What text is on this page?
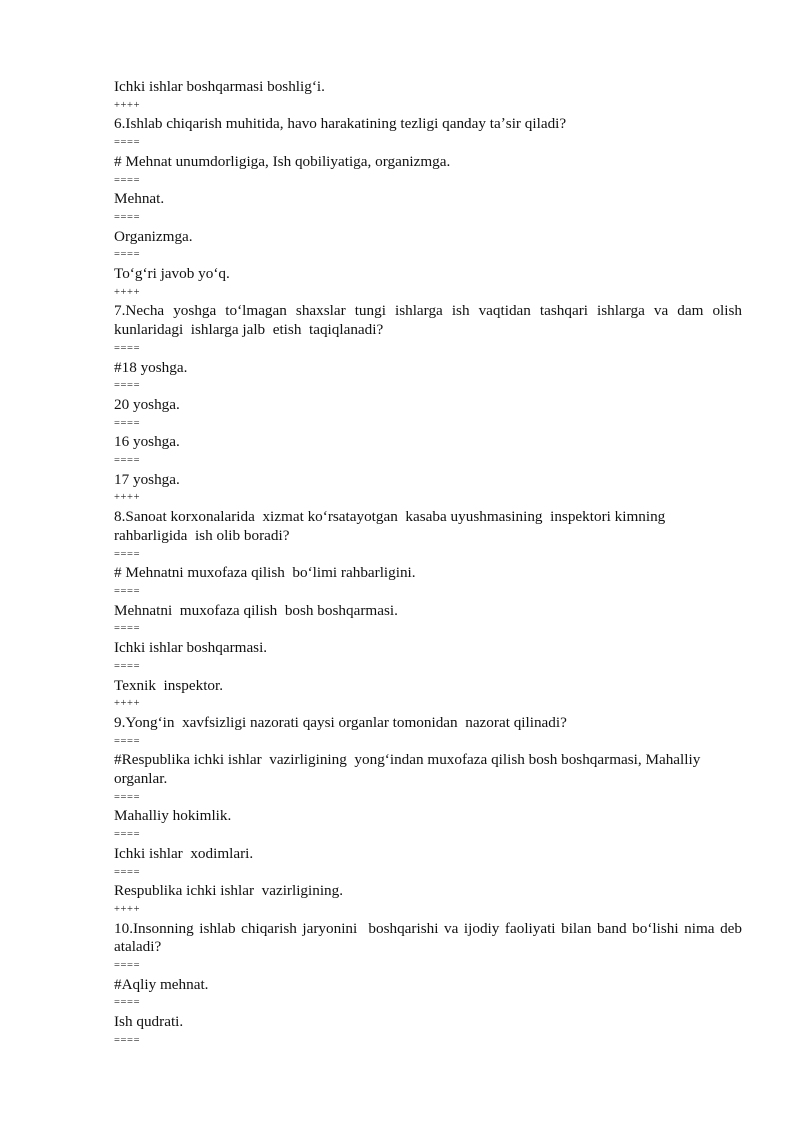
Ichki ishlar boshqarmasi boshligʻi.
++++
6.Ishlab chiqarish muhitida, havo harakatining tezligi qanday taʼsir qiladi?
====
# Mehnat unumdorligiga, Ish qobiliyatiga, organizmga.
====
Mehnat.
====
Organizmga.
====
Toʻgʻri javob yoʻq.
++++
7.Necha yoshga toʻlmagan shaxslar tungi ishlarga ish vaqtidan tashqari ishlarga va dam olish kunlaridagi  ishlarga jalb  etish  taqiqlanadi?
====
#18 yoshga.
====
20 yoshga.
====
16 yoshga.
====
17 yoshga.
++++
8.Sanoat korxonalarida  xizmat koʻrsatayotgan  kasaba uyushmasining  inspektori kimning rahbarligida  ish olib boradi?
====
# Mehnatni muxofaza qilish  boʻlimi rahbarligini.
====
Mehnatni  muxofaza qilish  bosh boshqarmasi.
====
Ichki ishlar boshqarmasi.
====
Texnik  inspektor.
++++
9.Yongʻin  xavfsizligi nazorati qaysi organlar tomonidan  nazorat qilinadi?
====
#Respublika ichki ishlar  vazirligining  yongʻindan muxofaza qilish bosh boshqarmasi, Mahalliy organlar.
====
Mahalliy hokimlik.
====
Ichki ishlar  xodimlari.
====
Respublika ichki ishlar  vazirligining.
++++
10.Insonning ishlab chiqarish jaryonini  boshqarishi va ijodiy faoliyati bilan band boʻlishi nima deb ataladi?
====
#Aqliy mehnat.
====
Ish qudrati.
====
